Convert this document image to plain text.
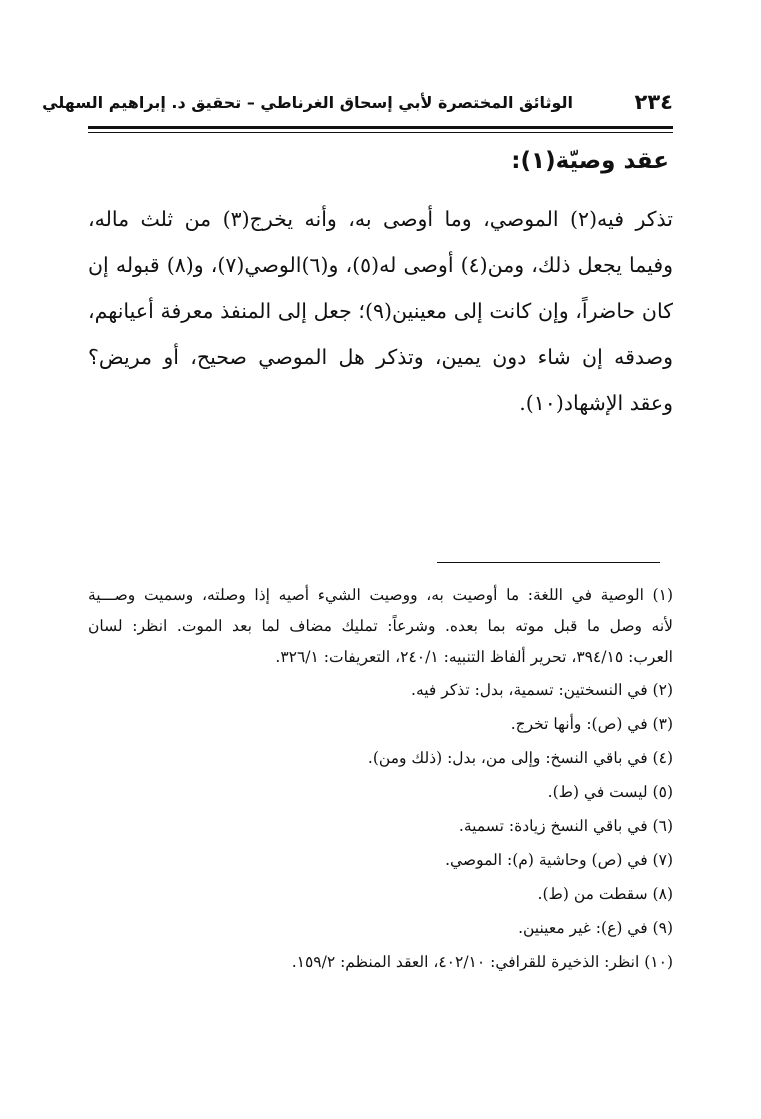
٢٣٤
الوثائق المختصرة لأبي إسحاق الغرناطي – تحقيق د. إبراهيم السهلي
عقد وصيّة(١):
تذكر فيه(٢) الموصي، وما أوصى به، وأنه يخرج(٣) من ثلث ماله،
وفيما يجعل ذلك، ومن(٤) أوصى له(٥)، و(٦)الوصي(٧)، و(٨) قبوله إن
كان حاضراً، وإن كانت إلى معينين(٩)؛ جعل إلى المنفذ معرفة أعيانهم،
وصدقه إن شاء دون يمين، وتذكر هل الموصي صحيح، أو مريض؟
وعقد الإشهاد(١٠).
(١) الوصية في اللغة: ما أوصيت به، ووصيت الشيء أصيه إذا وصلته، وسميت وصـــية
لأنه وصل ما قبل موته بما بعده. وشرعاً: تمليك مضاف لما بعد الموت. انظر: لسان
العرب: ٣٩٤/١٥، تحرير ألفاظ التنبيه: ٢٤٠/١، التعريفات: ٣٢٦/١.
(٢) في النسختين: تسمية، بدل: تذكر فيه.
(٣) في (ص): وأنها تخرج.
(٤) في باقي النسخ: وإلى من، بدل: (ذلك ومن).
(٥) ليست في (ط).
(٦) في باقي النسخ زيادة: تسمية.
(٧) في (ص) وحاشية (م): الموصي.
(٨) سقطت من (ط).
(٩) في (ع): غير معينين.
(١٠) انظر: الذخيرة للقرافي: ٤٠٢/١٠، العقد المنظم: ١٥٩/٢.
